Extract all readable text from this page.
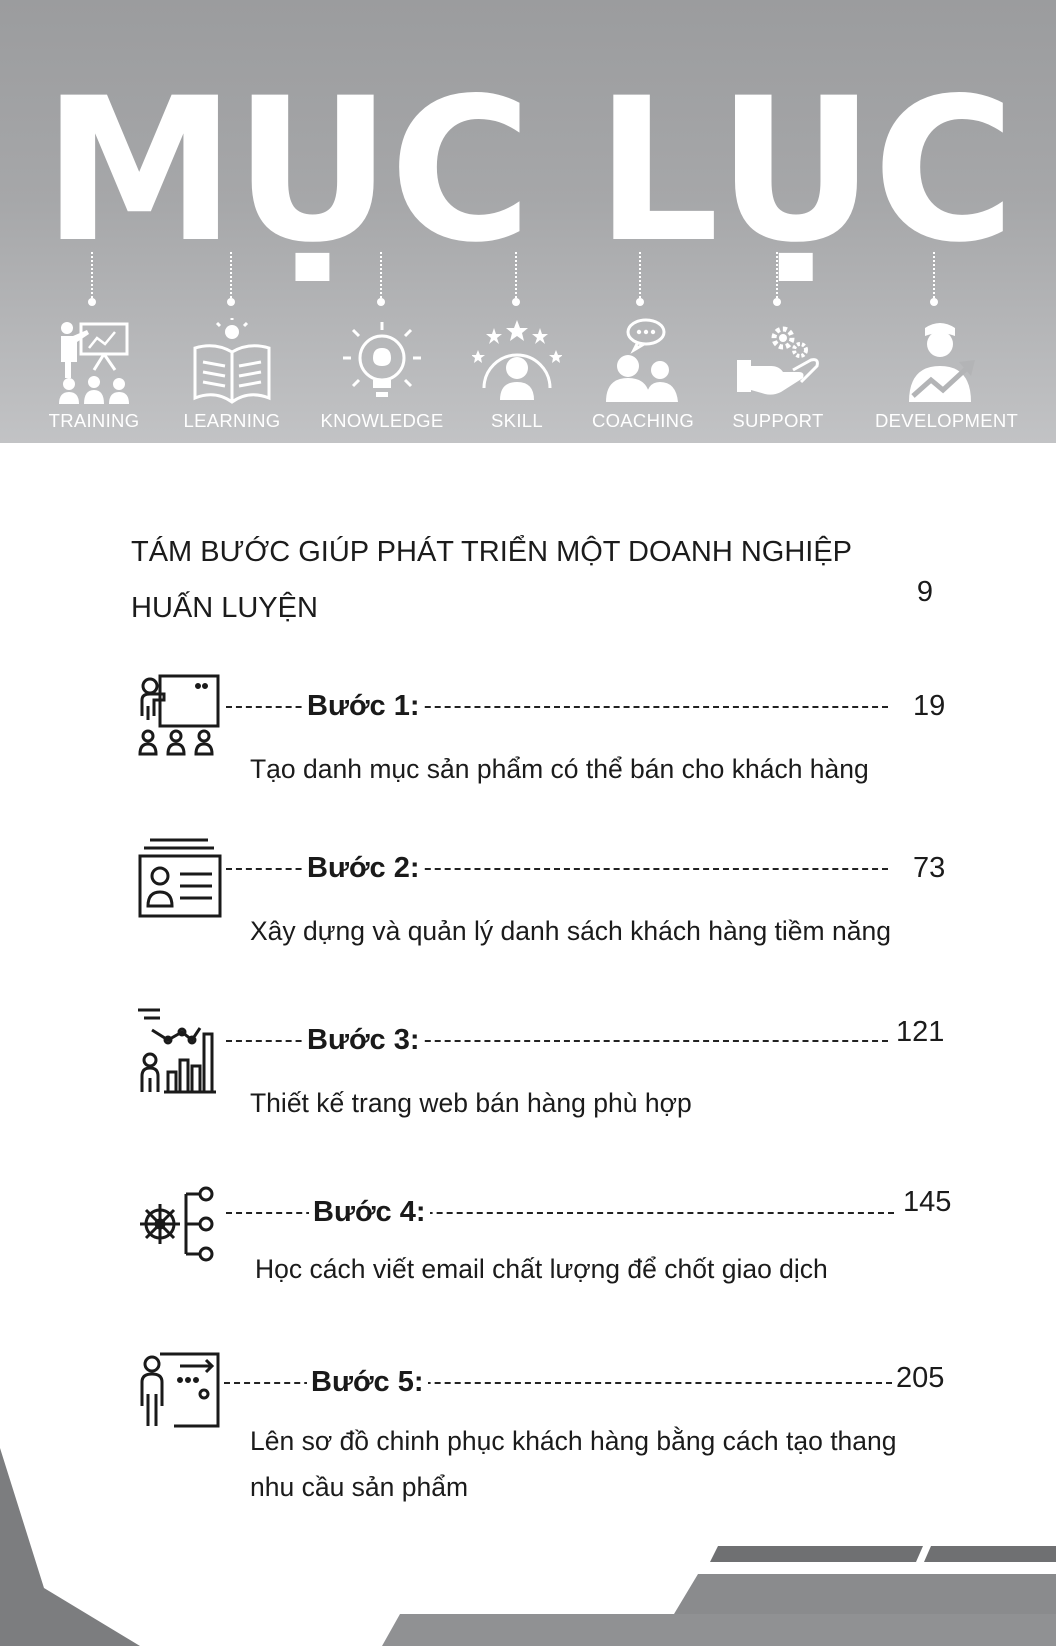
MỤC LỤC
TRAINING	LEARNING	KNOWLEDGE	SKILL	COACHING	SUPPORT	DEVELOPMENT
TÁM BƯỚC GIÚP PHÁT TRIỂN MỘT DOANH NGHIỆP
HUẤN LUYỆN	9
Bước 1:	19
Tạo danh mục sản phẩm có thể bán cho khách hàng
Bước 2:	73
Xây dựng và quản lý danh sách khách hàng tiềm năng
Bước 3:	121
Thiết kế trang web bán hàng phù hợp
Bước 4:	145
Học cách viết email chất lượng để chốt giao dịch
Bước 5:	205
Lên sơ đồ chinh phục khách hàng bằng cách tạo thang
nhu cầu sản phẩm
